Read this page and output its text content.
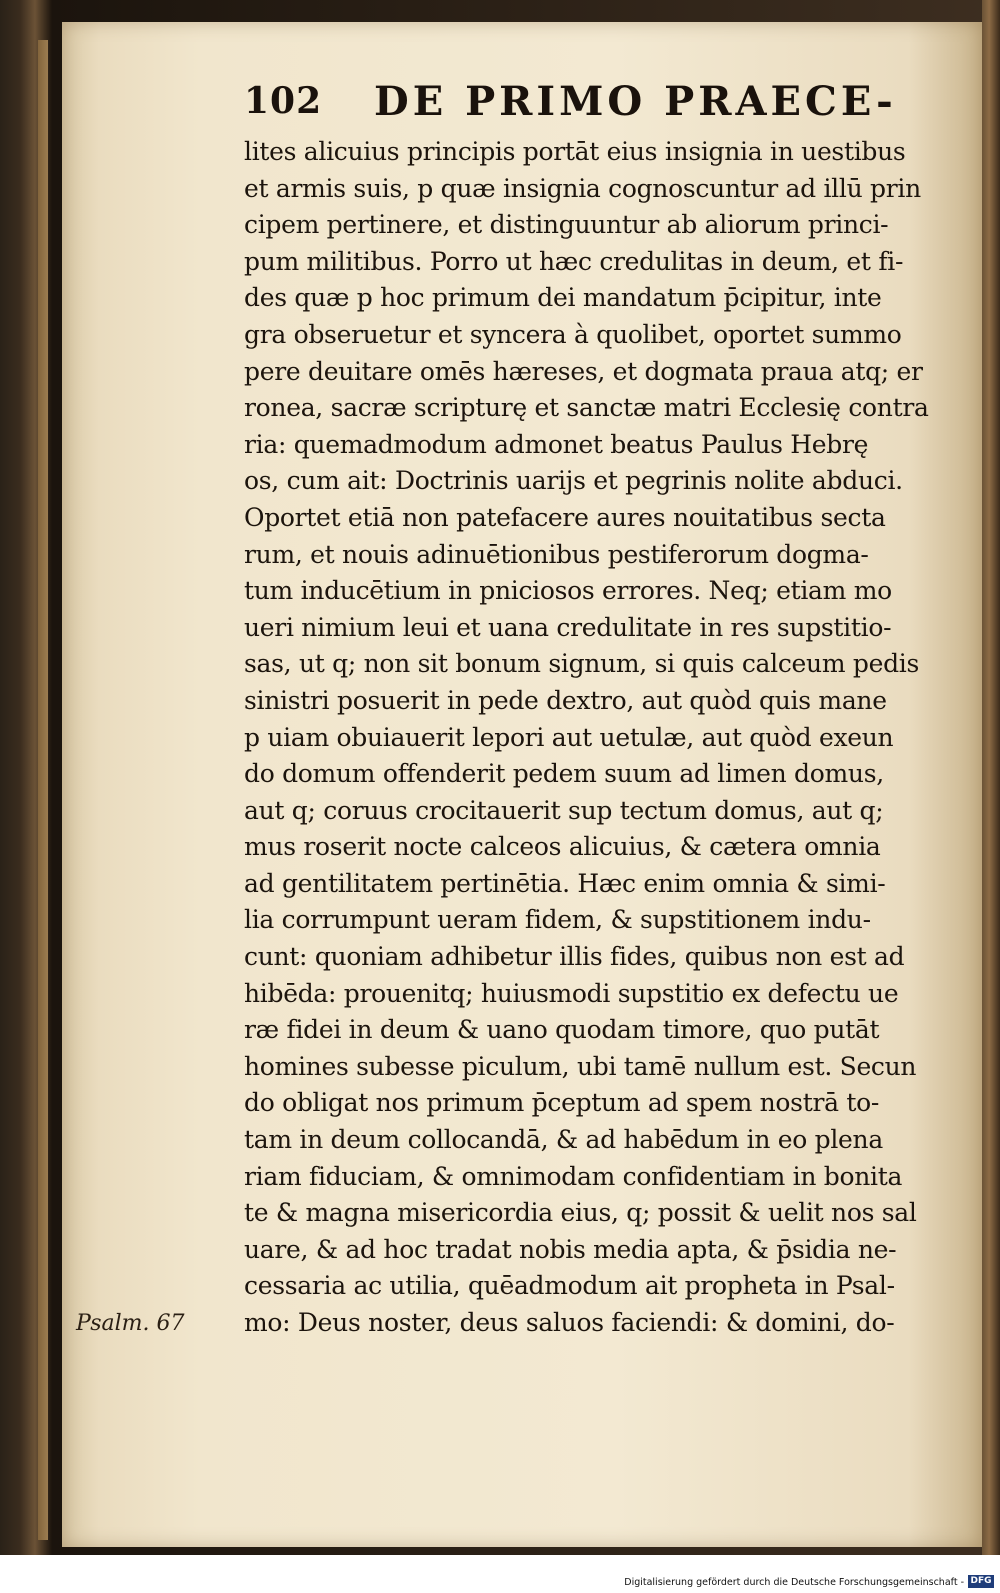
102 DE PRIMO PRAECE-
lites alicuius principis portāt eius insignia in uestibus
et armis suis, p quæ insignia cognoscuntur ad illū prin
cipem pertinere, et distinguuntur ab aliorum princi-
pum militibus. Porro ut hæc credulitas in deum, et fi-
des quæ p hoc primum dei mandatum p̄cipitur, inte
gra obseruetur et syncera à quolibet, oportet summo
pere deuitare omēs hæreses, et dogmata praua atq; er
ronea, sacræ scripturę et sanctæ matri Ecclesię contra
ria: quemadmodum admonet beatus Paulus Hebrę
os, cum ait: Doctrinis uarijs et pegrinis nolite abduci.
Oportet etiā non patefacere aures nouitatibus secta
rum, et nouis adinuētionibus pestiferorum dogma-
tum inducētium in pniciosos errores. Neq; etiam mo
ueri nimium leui et uana credulitate in res supstitio-
sas, ut q; non sit bonum signum, si quis calceum pedis
sinistri posuerit in pede dextro, aut quòd quis mane
p uiam obuiauerit lepori aut uetulæ, aut quòd exeun
do domum offenderit pedem suum ad limen domus,
aut q; coruus crocitauerit sup tectum domus, aut q;
mus roserit nocte calceos alicuius, & cætera omnia
ad gentilitatem pertinētia. Hæc enim omnia & simi-
lia corrumpunt ueram fidem, & supstitionem indu-
cunt: quoniam adhibetur illis fides, quibus non est ad
hibēda: prouenitq; huiusmodi supstitio ex defectu ue
ræ fidei in deum & uano quodam timore, quo putāt
homines subesse piculum, ubi tamē nullum est. Secun
do obligat nos primum p̄ceptum ad spem nostrā to-
tam in deum collocandā, & ad habēdum in eo plena
riam fiduciam, & omnimodam confidentiam in bonita
te & magna misericordia eius, q; possit & uelit nos sal
uare, & ad hoc tradat nobis media apta, & p̄sidia ne-
cessaria ac utilia, quēadmodum ait propheta in Psal-
mo: Deus noster, deus saluos faciendi: & domini, do-
Psalm. 67
Digitalisierung gefördert durch die Deutsche Forschungsgemeinschaft - DFG
